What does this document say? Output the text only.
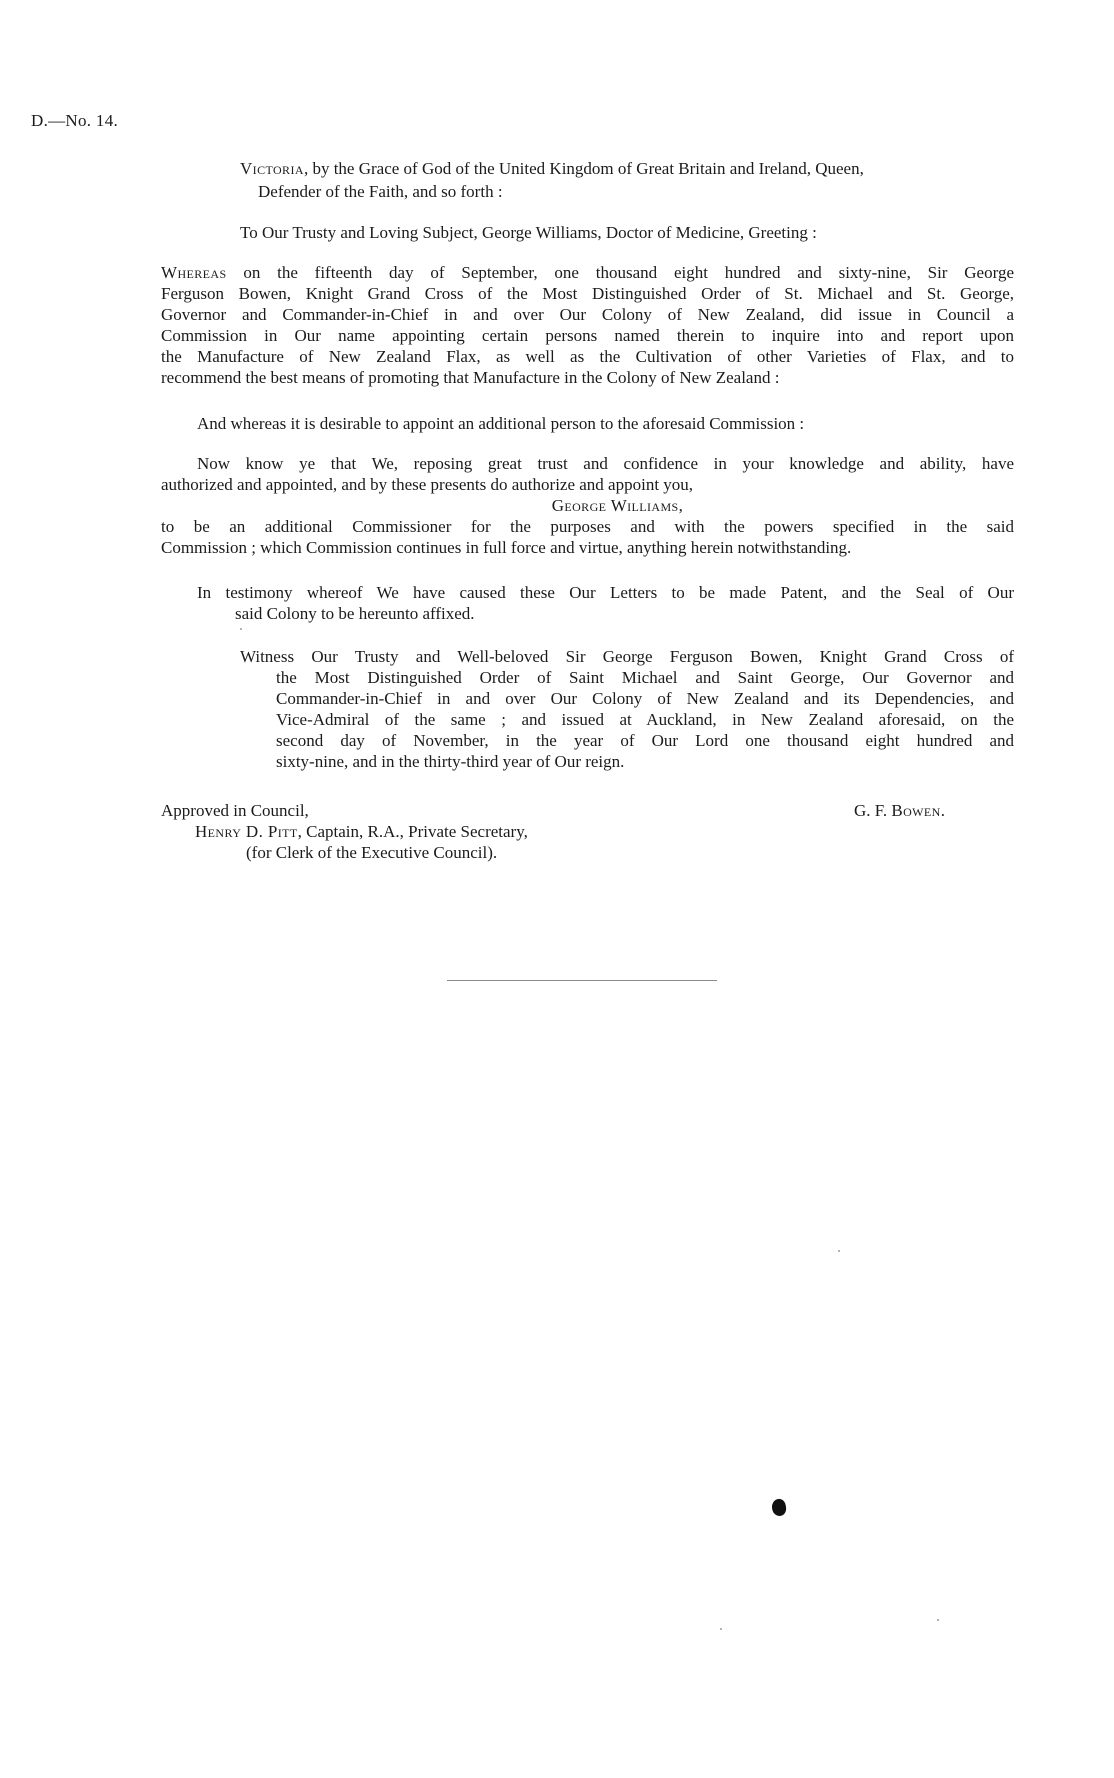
D.—No. 14.
Victoria, by the Grace of God of the United Kingdom of Great Britain and Ireland, Queen,
Defender of the Faith, and so forth :
To Our Trusty and Loving Subject, George Williams, Doctor of Medicine, Greeting :
Whereas on the fifteenth day of September, one thousand eight hundred and sixty-nine, Sir George
Ferguson Bowen, Knight Grand Cross of the Most Distinguished Order of St. Michael and St. George,
Governor and Commander-in-Chief in and over Our Colony of New Zealand, did issue in Council a
Commission in Our name appointing certain persons named therein to inquire into and report upon
the Manufacture of New Zealand Flax, as well as the Cultivation of other Varieties of Flax, and to
recommend the best means of promoting that Manufacture in the Colony of New Zealand :
And whereas it is desirable to appoint an additional person to the aforesaid Commission :
Now know ye that We, reposing great trust and confidence in your knowledge and ability, have
authorized and appointed, and by these presents do authorize and appoint you,
George Williams,
to be an additional Commissioner for the purposes and with the powers specified in the said
Commission ; which Commission continues in full force and virtue, anything herein notwithstanding.
In testimony whereof We have caused these Our Letters to be made Patent, and the Seal of Our
said Colony to be hereunto affixed.
Witness Our Trusty and Well-beloved Sir George Ferguson Bowen, Knight Grand Cross of
the Most Distinguished Order of Saint Michael and Saint George, Our Governor and
Commander-in-Chief in and over Our Colony of New Zealand and its Dependencies, and
Vice-Admiral of the same ; and issued at Auckland, in New Zealand aforesaid, on the
second day of November, in the year of Our Lord one thousand eight hundred and
sixty-nine, and in the thirty-third year of Our reign.
Approved in Council,
Henry D. Pitt, Captain, R.A., Private Secretary,
(for Clerk of the Executive Council).
G. F. Bowen.
